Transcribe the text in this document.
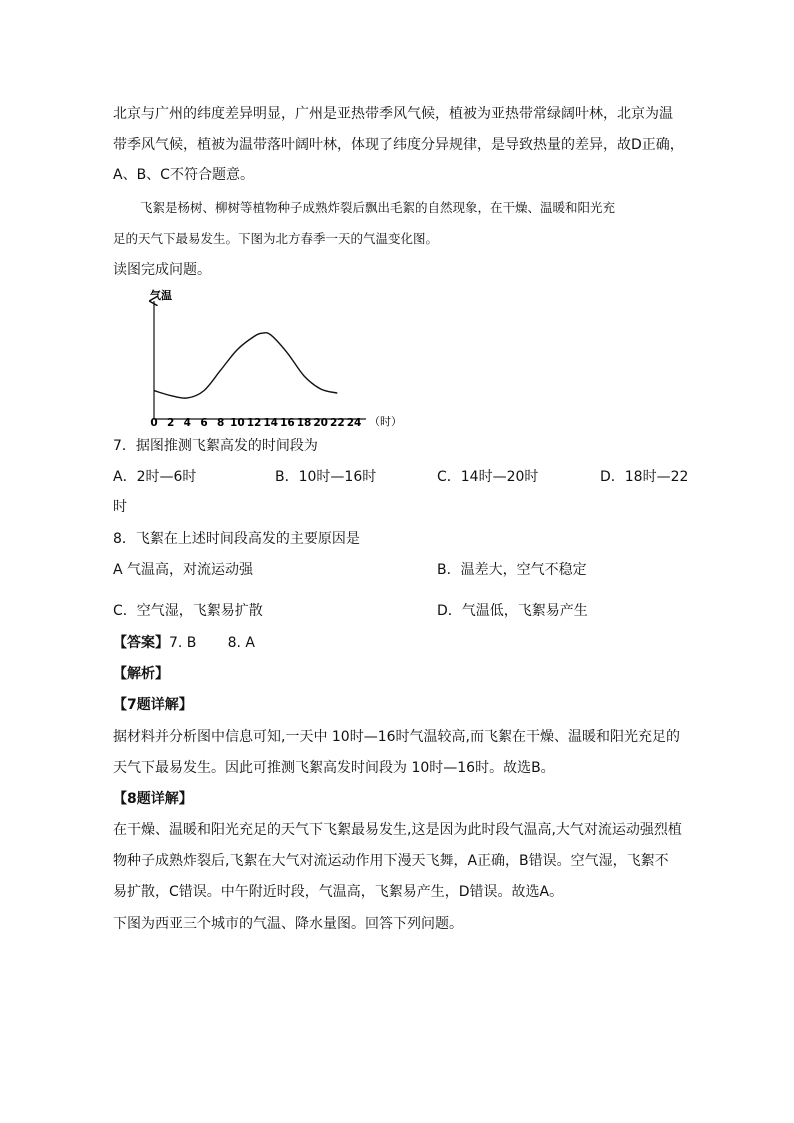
北京与广州的纬度差异明显，广州是亚热带季风气候，植被为亚热带常绿阔叶林，北京为温
带季风气候，植被为温带落叶阔叶林，体现了纬度分异规律，是导致热量的差异，故D正确，
A、B、C不符合题意。
飞絮是杨树、柳树等植物种子成熟炸裂后飘出毛絮的自然现象，在干燥、温暖和阳光充
足的天气下最易发生。下图为北方春季一天的气温变化图。
读图完成问题。
气温
0 2 4 6 8 10 12 14 16 18 20 22 24 （时）
7．据图推测飞絮高发的时间段为
A．2时—6时	B．10时—16时	C．14时—20时	D．18时—22
时
8．飞絮在上述时间段高发的主要原因是
A 气温高，对流运动强	B．温差大，空气不稳定
C．空气湿，飞絮易扩散	D．气温低，飞絮易产生
【答案】7. B       8. A
【解析】
【7题详解】
据材料并分析图中信息可知,一天中 10时—16时气温较高,而飞絮在干燥、温暖和阳光充足的
天气下最易发生。因此可推测飞絮高发时间段为 10时—16时。故选B。
【8题详解】
在干燥、温暖和阳光充足的天气下飞絮最易发生,这是因为此时段气温高,大气对流运动强烈植
物种子成熟炸裂后,飞絮在大气对流运动作用下漫天飞舞，A正确，B错误。空气湿，飞絮不
易扩散，C错误。中午附近时段，气温高，飞絮易产生，D错误。故选A。
下图为西亚三个城市的气温、降水量图。回答下列问题。
